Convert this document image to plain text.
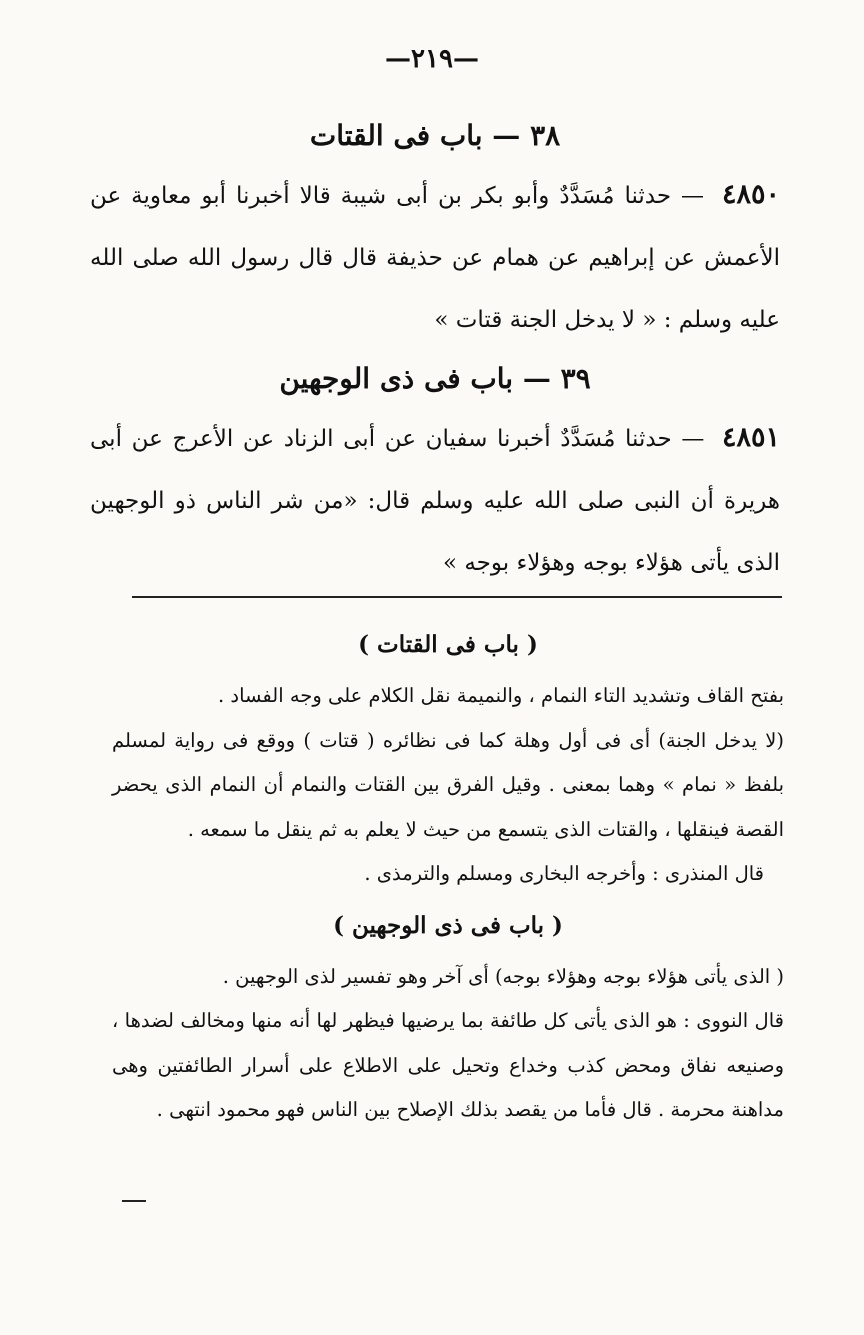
—٢١٩—
٣٨ — باب فى القتات

٤٨٥٠ — حدثنا مُسَدَّدٌ وأبو بكر بن أبى شيبة قالا أخبرنا أبو معاوية عن الأعمش عن إبراهيم عن همام عن حذيفة قال قال رسول الله صلى الله عليه وسلم : « لا يدخل الجنة قتات »

٣٩ — باب فى ذى الوجهين

٤٨٥١ — حدثنا مُسَدَّدٌ أخبرنا سفيان عن أبى الزناد عن الأعرج عن أبى هريرة أن النبى صلى الله عليه وسلم قال: «من شر الناس ذو الوجهين الذى يأتى هؤلاء بوجه وهؤلاء بوجه »

( باب فى القتات )

بفتح القاف وتشديد التاء النمام ، والنميمة نقل الكلام على وجه الفساد .

(لا يدخل الجنة) أى فى أول وهلة كما فى نظائره ( قتات ) ووقع فى رواية لمسلم بلفظ « نمام » وهما بمعنى . وقيل الفرق بين القتات والنمام أن النمام الذى يحضر القصة فينقلها ، والقتات الذى يتسمع من حيث لا يعلم به ثم ينقل ما سمعه .

قال المنذرى : وأخرجه البخارى ومسلم والترمذى .

( باب فى ذى الوجهين )

( الذى يأتى هؤلاء بوجه وهؤلاء بوجه) أى آخر وهو تفسير لذى الوجهين .

قال النووى : هو الذى يأتى كل طائفة بما يرضيها فيظهر لها أنه منها ومخالف لضدها ، وصنيعه نفاق ومحض كذب وخداع وتحيل على الاطلاع على أسرار الطائفتين وهى مداهنة محرمة . قال فأما من يقصد بذلك الإصلاح بين الناس فهو محمود انتهى .
